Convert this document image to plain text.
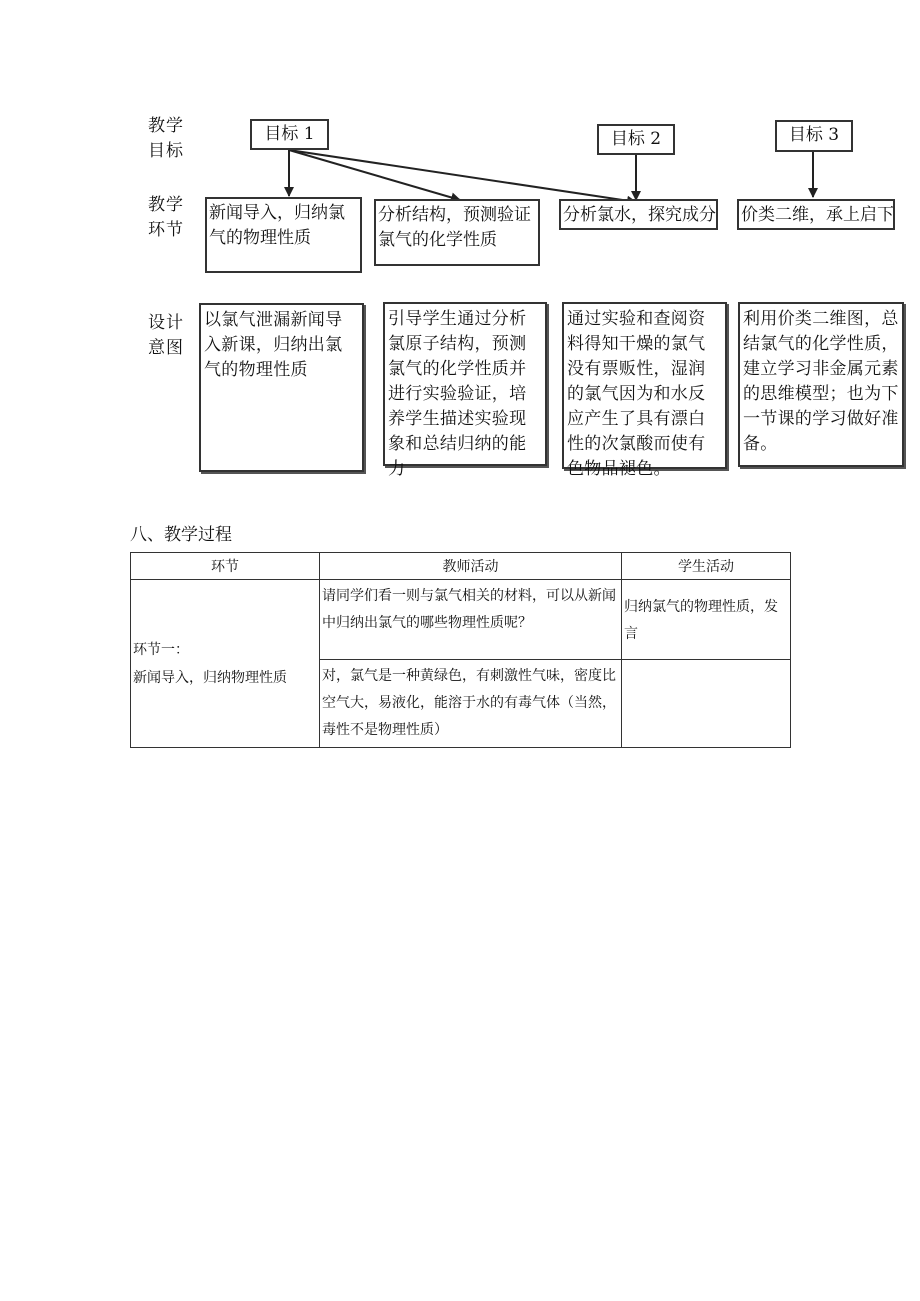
教学
目标
教学
环节
设计
意图
目标 1	目标 2	目标 3
新闻导入，归纳氯气的物理性质
分析结构，预测验证氯气的化学性质
分析氯水，探究成分 价类二维，承上启下
以氯气泄漏新闻导入新课，归纳出氯气的物理性质
引导学生通过分析氯原子结构，预测氯气的化学性质并进行实验验证，培养学生描述实验现象和总结归纳的能力
通过实验和查阅资料得知干燥的氯气没有票贩性，湿润的氯气因为和水反应产生了具有漂白性的次氯酸而使有色物品褪色。
利用价类二维图，总结氯气的化学性质，建立学习非金属元素的思维模型；也为下一节课的学习做好准备。
八、教学过程
环节	教师活动	学生活动
环节一：
新闻导入，归纳物理性质	请同学们看一则与氯气相关的材料，可以从新闻中归纳出氯气的哪些物理性质呢？	归纳氯气的物理性质，发言
	对，氯气是一种黄绿色，有刺激性气味，密度比空气大，易液化，能溶于水的有毒气体（当然，毒性不是物理性质）	
